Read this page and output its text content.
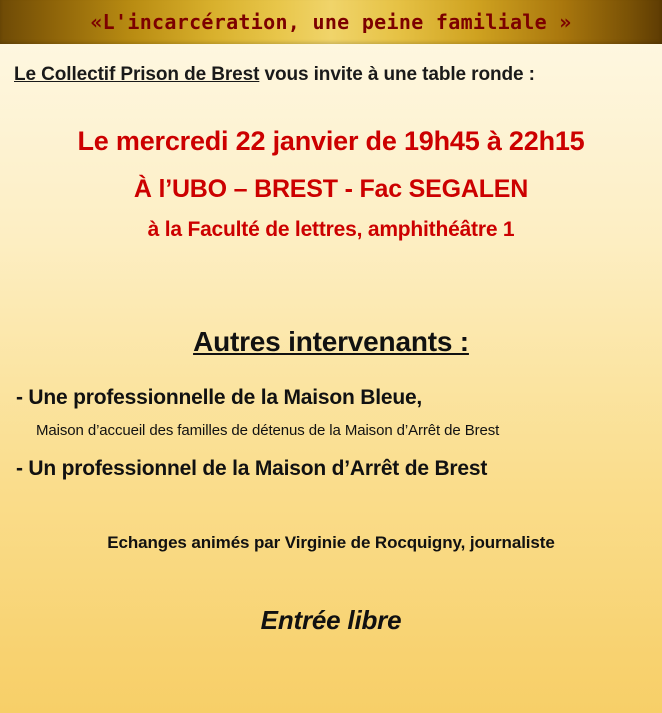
«L'incarcération, une peine familiale »
Le Collectif Prison de Brest vous invite à une table ronde :
Le mercredi 22 janvier de 19h45 à 22h15
À l’UBO – BREST - Fac SEGALEN
à la Faculté de lettres, amphithéâtre 1
Autres intervenants :
- Une professionnelle de la Maison Bleue,
Maison d’accueil des familles de détenus de la Maison d’Arrêt de Brest
- Un professionnel de la Maison d’Arrêt de Brest
Echanges animés par Virginie de Rocquigny, journaliste
Entrée libre
